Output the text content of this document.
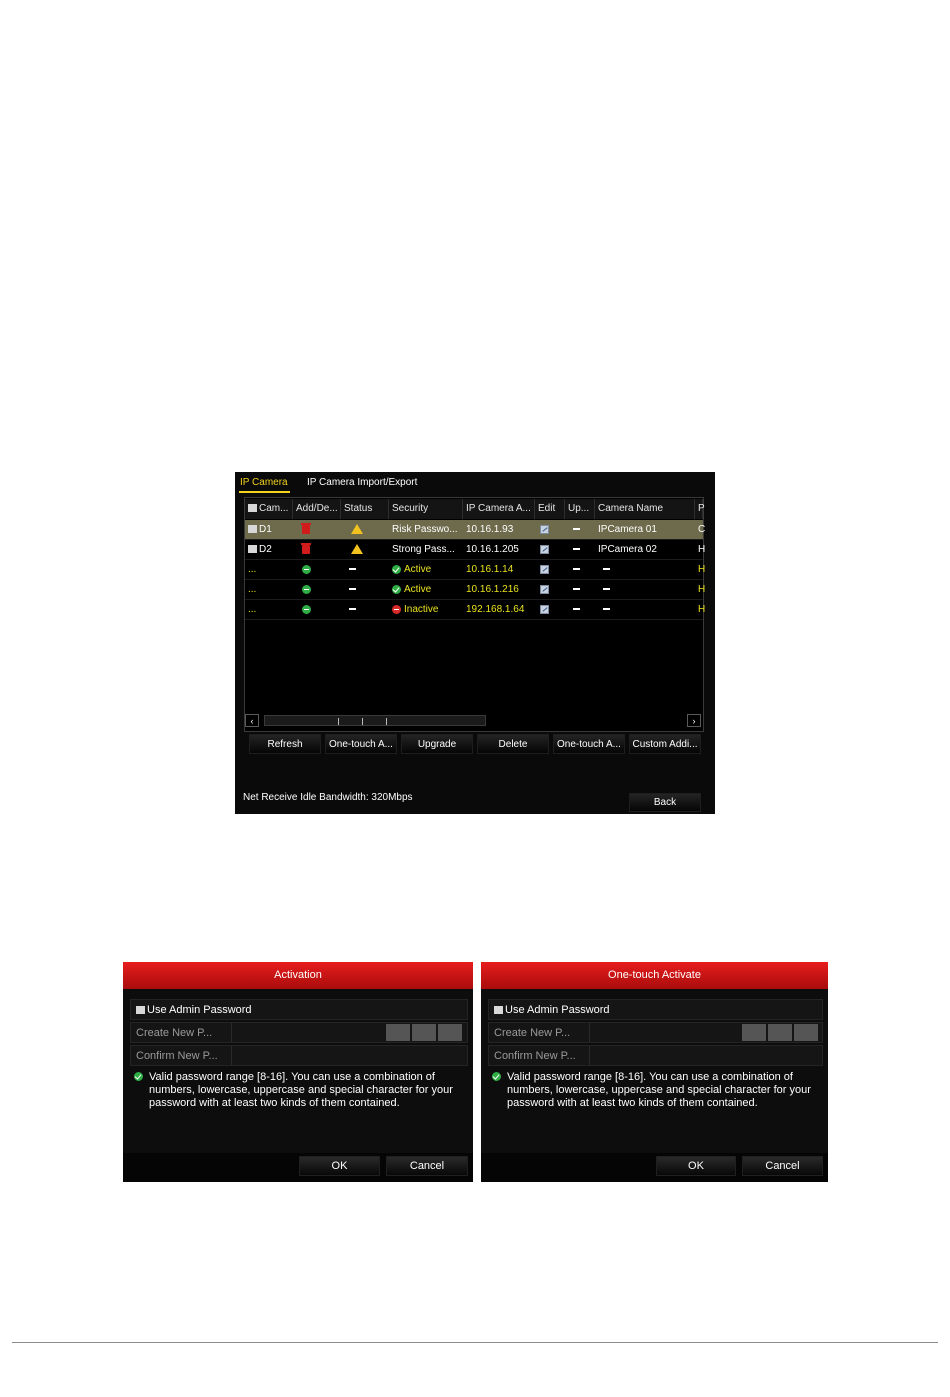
IP Camera IP Camera Import/Export
Cam... Add/De... Status	Security	IP Camera A... Edit	Up... Camera Name	P
D1	Risk Passwo... 10.16.1.93	IPCamera 01	C
D2	Strong Pass...	10.16.1.205	IPCamera 02	H
...	Active	10.16.1.14	H
...	Active	10.16.1.216	H
...	Inactive	192.168.1.64	H
‹	›
Refresh	One-touch A...	Upgrade	Delete	One-touch A...	Custom Addi...
Net Receive Idle Bandwidth: 320Mbps	Back
Activation
Use Admin Password
Create New P...
Confirm New P...
Valid password range [8-16]. You can use a combination of numbers, lowercase, uppercase and special character for your password with at least two kinds of them contained.
OK	Cancel
One-touch Activate
Use Admin Password
Create New P...
Confirm New P...
Valid password range [8-16]. You can use a combination of numbers, lowercase, uppercase and special character for your password with at least two kinds of them contained.
OK	Cancel
